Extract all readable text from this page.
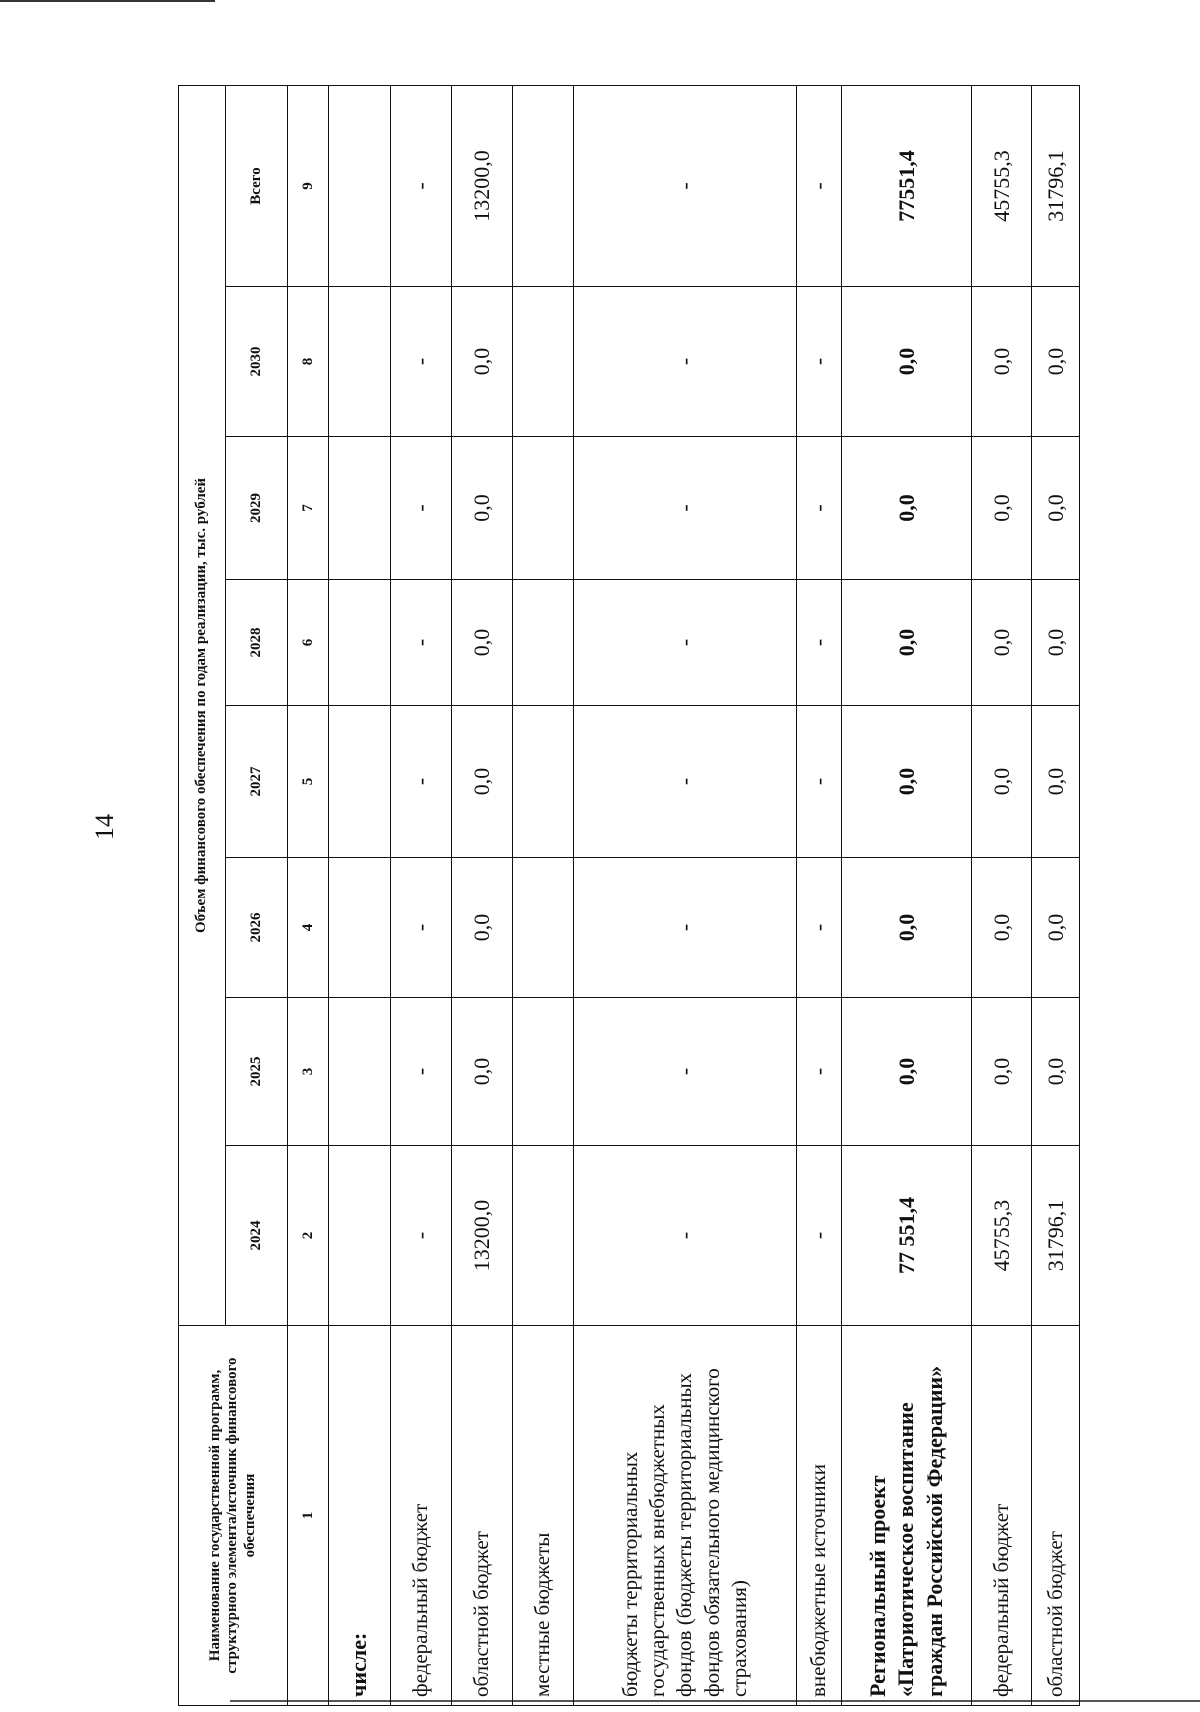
14
Наименование государственной программ, структурного элемента/источник финансового обеспечения	Объем финансового обеспечения по годам реализации, тыс. рублей							
	2024	2025	2026	2027	2028	2029	2030	Всего
1	2	3	4	5	6	7	8	9
числе:								
федеральный бюджет	-	-	-	-	-	-	-	-
областной бюджет	13200,0	0,0	0,0	0,0	0,0	0,0	0,0	13200,0
местные бюджеты								
бюджеты территориальных государственных внебюджетных фондов (бюджеты территориальных фондов обязательного медицинского страхования)	-	-	-	-	-	-	-	-
внебюджетные источники	-	-	-	-	-	-	-	-
Региональный проект «Патриотическое воспитание граждан Российской Федерации»	77 551,4	0,0	0,0	0,0	0,0	0,0	0,0	77551,4
федеральный бюджет	45755,3	0,0	0,0	0,0	0,0	0,0	0,0	45755,3
областной бюджет	31796,1	0,0	0,0	0,0	0,0	0,0	0,0	31796,1
